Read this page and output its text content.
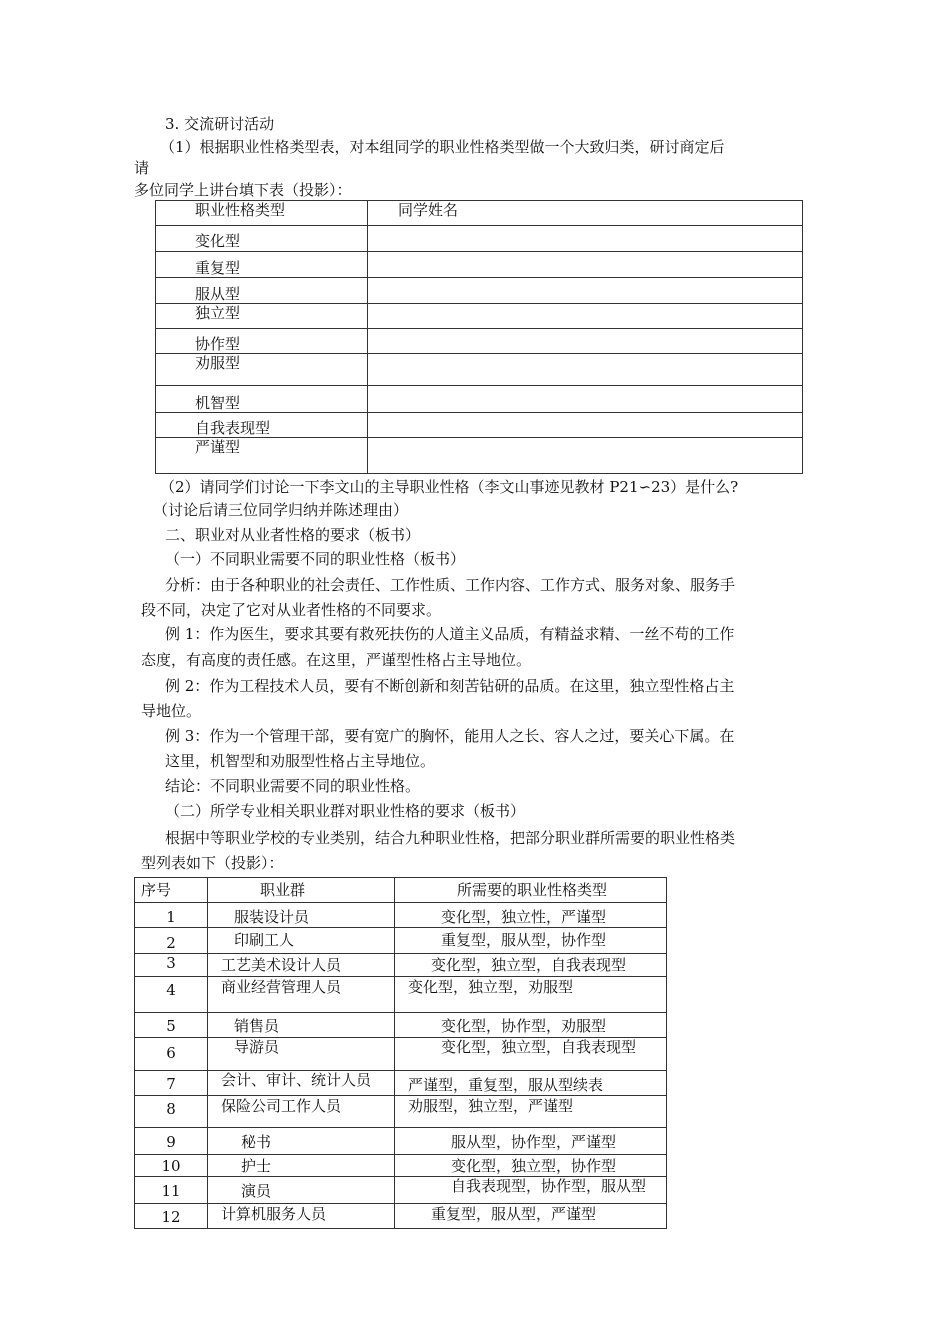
3. 交流研讨活动
（1）根据职业性格类型表，对本组同学的职业性格类型做一个大致归类，研讨商定后
请
多位同学上讲台填下表（投影）：
职业性格类型	同学姓名
变化型	
重复型	
服从型	
独立型	
协作型	
劝服型	
机智型	
自我表现型	
严谨型	
（2）请同学们讨论一下李文山的主导职业性格（李文山事迹见教材 P21∽23）是什么?
（讨论后请三位同学归纳并陈述理由）
二、职业对从业者性格的要求（板书）
（一）不同职业需要不同的职业性格（板书）
分析：由于各种职业的社会责任、工作性质、工作内容、工作方式、服务对象、服务手
段不同，决定了它对从业者性格的不同要求。
例 1：作为医生，要求其要有救死扶伤的人道主义品质，有精益求精、一丝不苟的工作
态度，有高度的责任感。在这里，严谨型性格占主导地位。
例 2：作为工程技术人员，要有不断创新和刻苦钻研的品质。在这里，独立型性格占主
导地位。
例 3：作为一个管理干部，要有宽广的胸怀，能用人之长、容人之过，要关心下属。在
这里，机智型和劝服型性格占主导地位。
结论：不同职业需要不同的职业性格。
（二）所学专业相关职业群对职业性格的要求（板书）
根据中等职业学校的专业类别，结合九种职业性格，把部分职业群所需要的职业性格类
型列表如下（投影）：
序号	职业群	所需要的职业性格类型
1	服装设计员	变化型，独立性，严谨型
2	印刷工人	重复型，服从型，协作型
3	工艺美术设计人员	变化型，独立型，自我表现型
4	商业经营管理人员	变化型，独立型，劝服型
5	销售员	变化型，协作型，劝服型
6	导游员	变化型，独立型，自我表现型
7	会计、审计、统计人员	严谨型，重复型，服从型续表
8	保险公司工作人员	劝服型，独立型，严谨型
9	秘书	服从型，协作型，严谨型
10	护士	变化型，独立型，协作型
11	演员	自我表现型，协作型，服从型
12	计算机服务人员	重复型，服从型，严谨型
